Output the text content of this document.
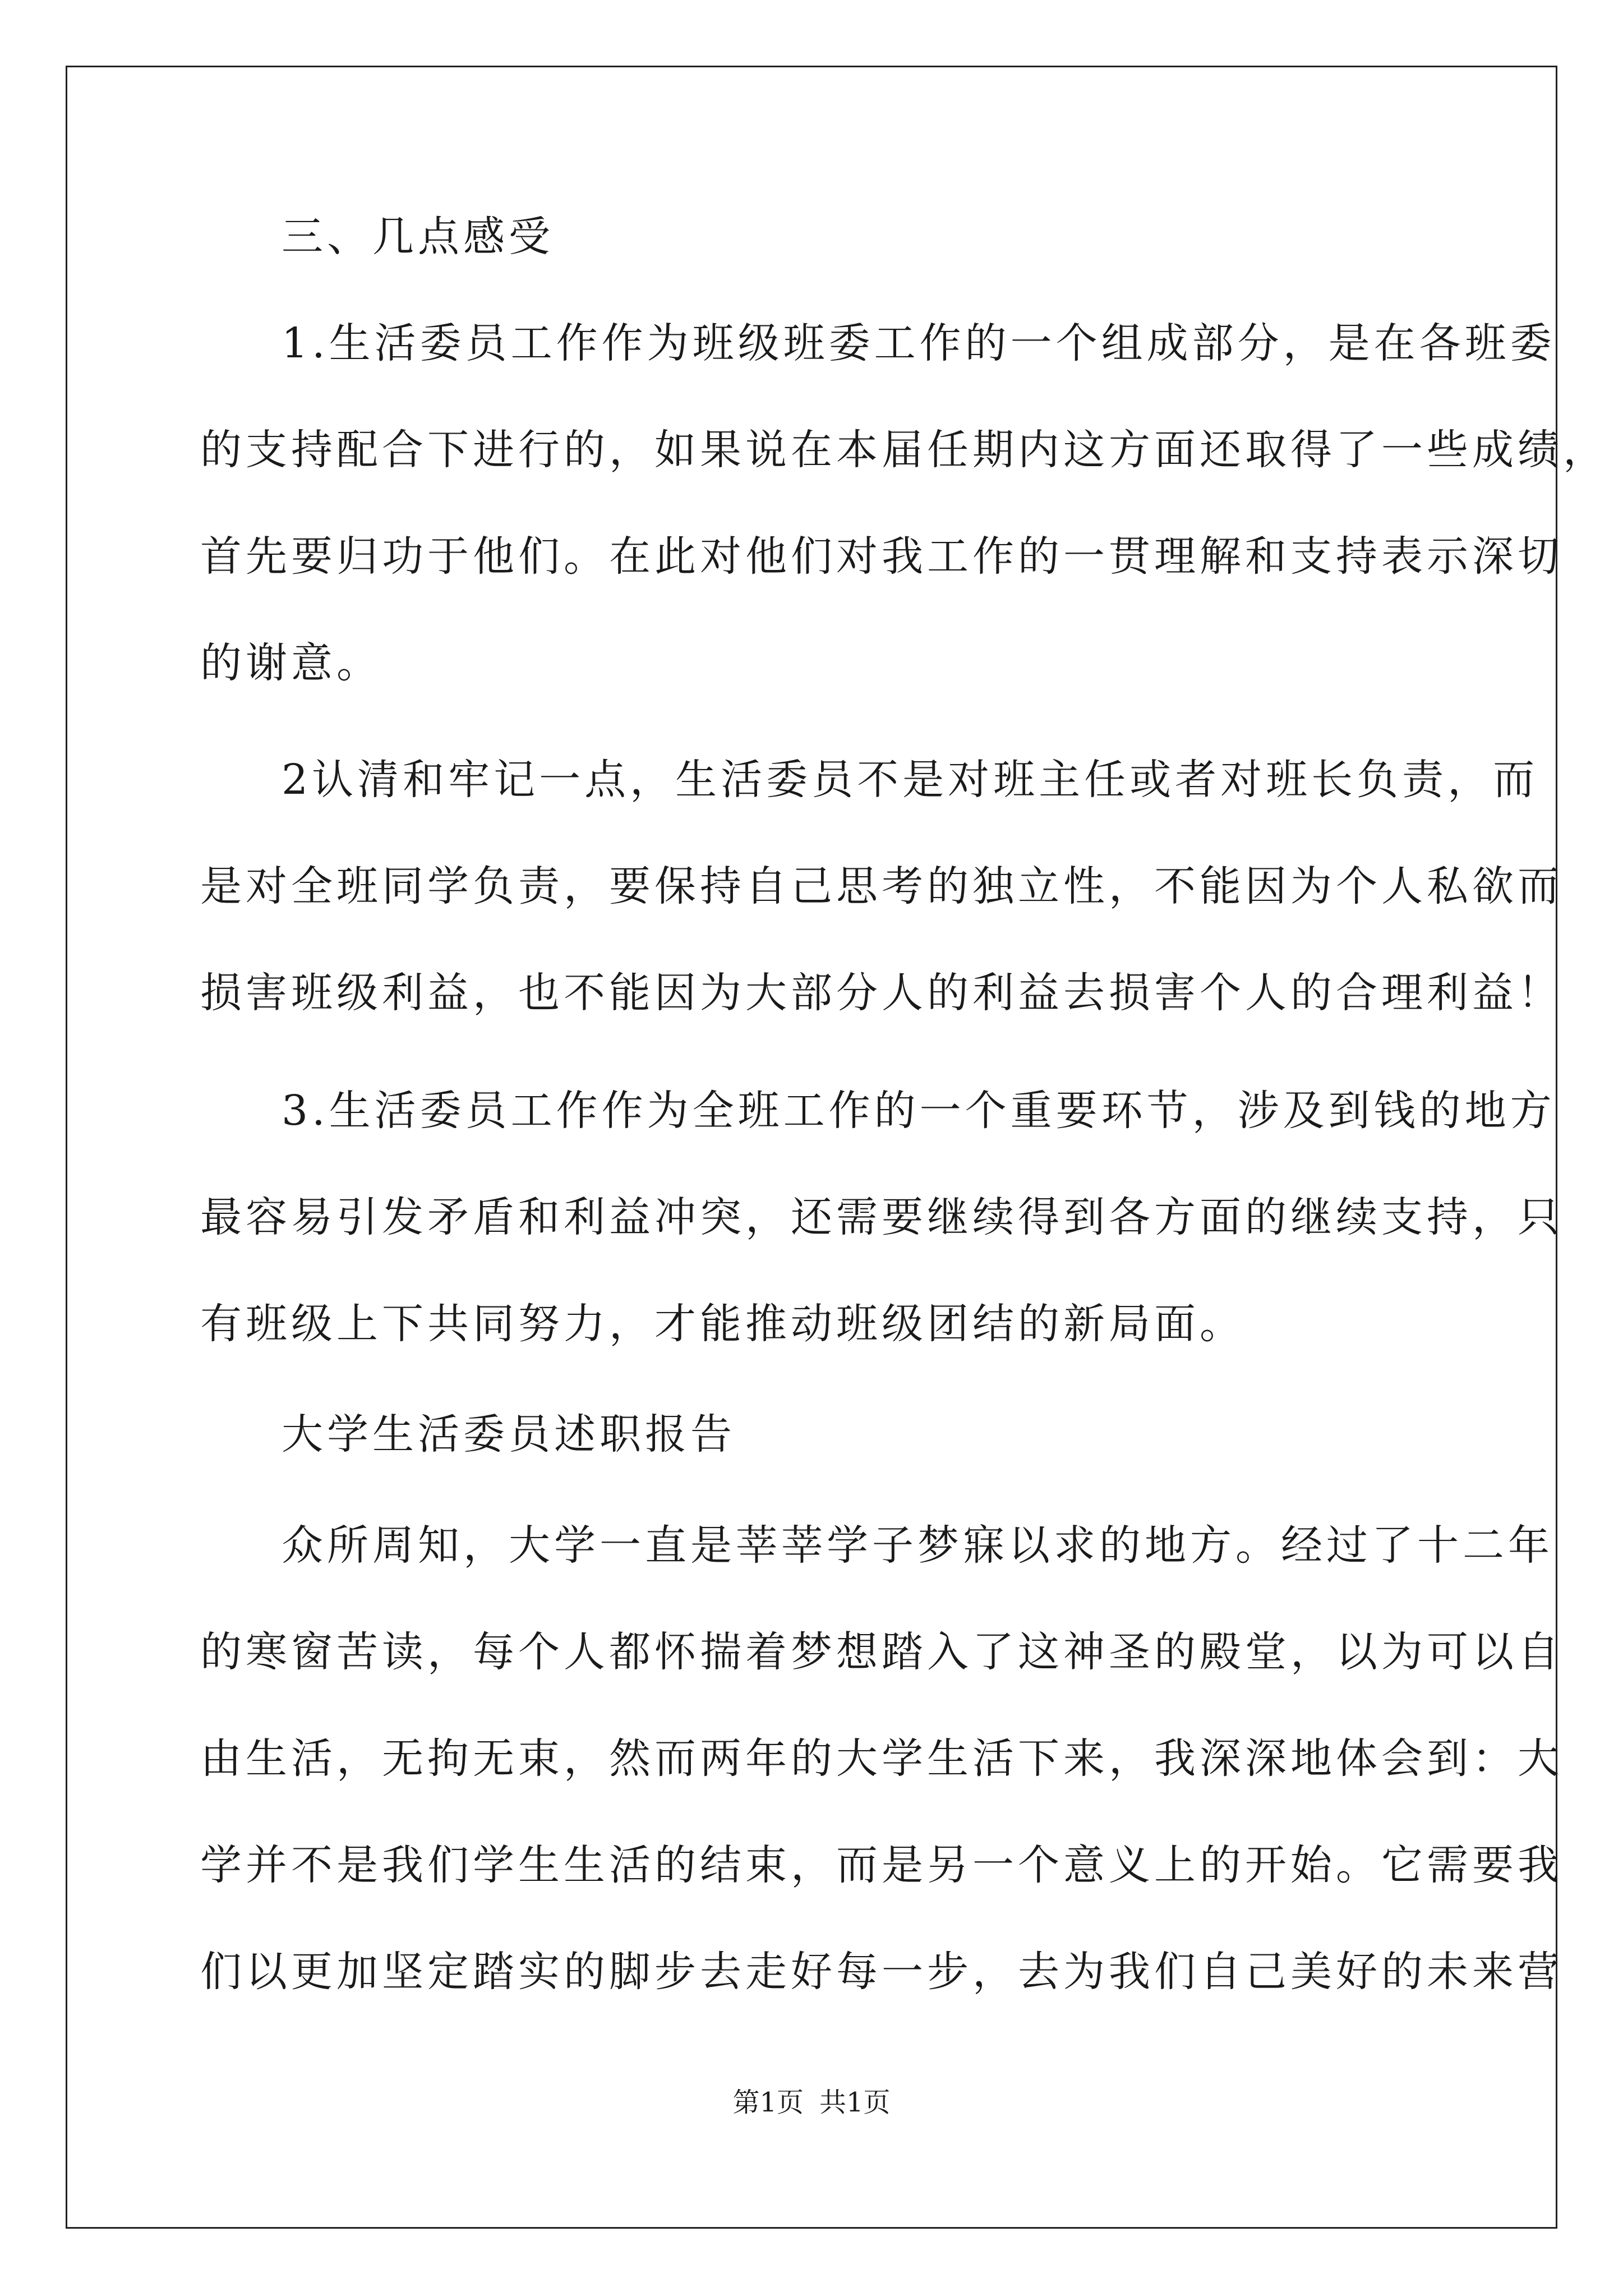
三、几点感受
1.生活委员工作作为班级班委工作的一个组成部分，是在各班委
的支持配合下进行的，如果说在本届任期内这方面还取得了一些成绩，
首先要归功于他们。在此对他们对我工作的一贯理解和支持表示深切
的谢意。
2认清和牢记一点，生活委员不是对班主任或者对班长负责，而
是对全班同学负责，要保持自己思考的独立性，不能因为个人私欲而
损害班级利益，也不能因为大部分人的利益去损害个人的合理利益！
3.生活委员工作作为全班工作的一个重要环节，涉及到钱的地方
最容易引发矛盾和利益冲突，还需要继续得到各方面的继续支持，只
有班级上下共同努力，才能推动班级团结的新局面。
大学生活委员述职报告
众所周知，大学一直是莘莘学子梦寐以求的地方。经过了十二年
的寒窗苦读，每个人都怀揣着梦想踏入了这神圣的殿堂，以为可以自
由生活，无拘无束，然而两年的大学生活下来，我深深地体会到：大
学并不是我们学生生活的结束，而是另一个意义上的开始。它需要我
们以更加坚定踏实的脚步去走好每一步，去为我们自己美好的未来营
第1页 共1页
